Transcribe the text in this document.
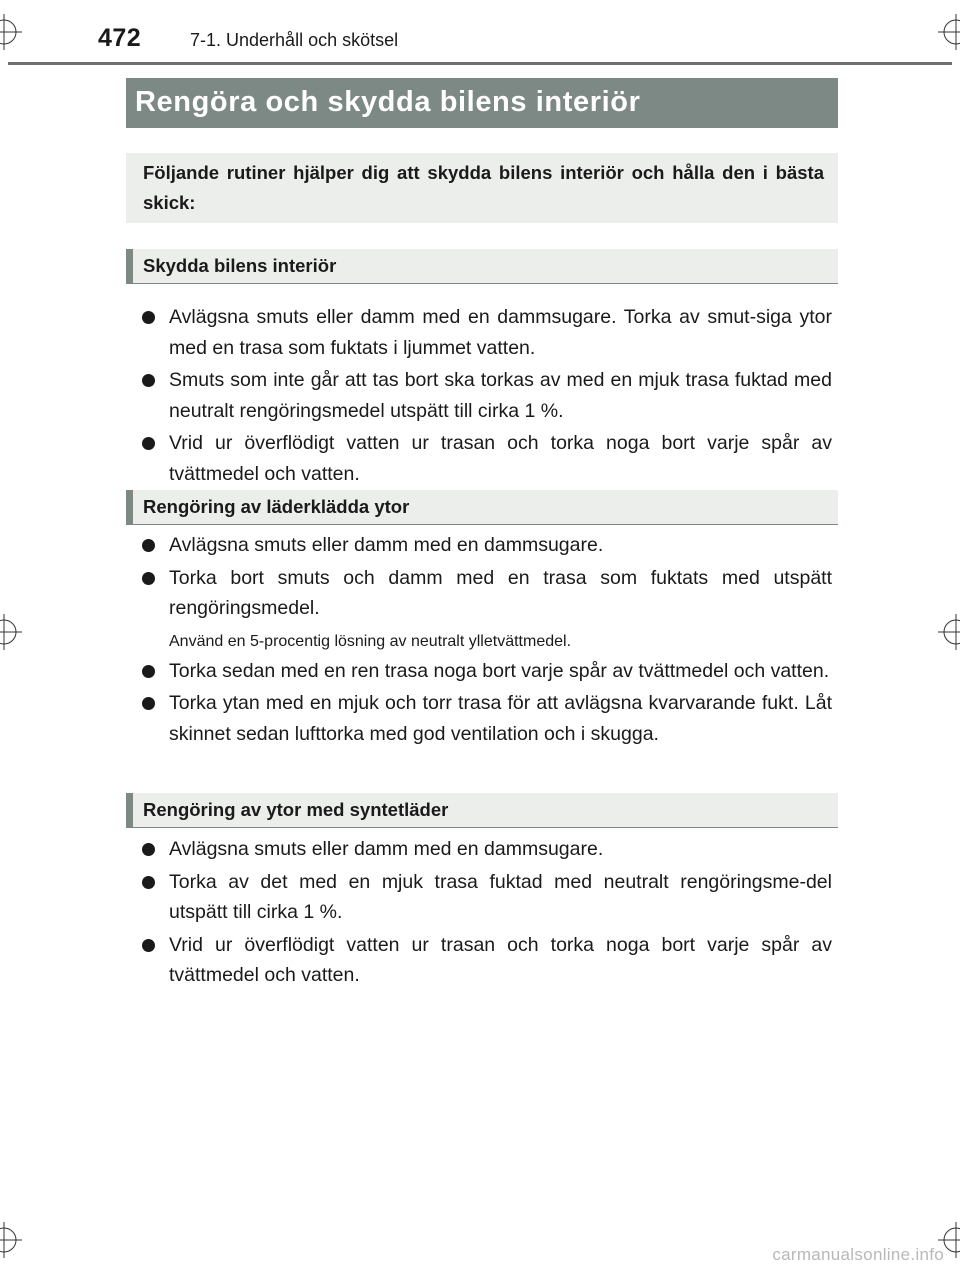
472	7-1. Underhåll och skötsel
Rengöra och skydda bilens interiör
Följande rutiner hjälper dig att skydda bilens interiör och hålla den i bästa skick:
Skydda bilens interiör
Avlägsna smuts eller damm med en dammsugare. Torka av smut-siga ytor med en trasa som fuktats i ljummet vatten.
Smuts som inte går att tas bort ska torkas av med en mjuk trasa fuktad med neutralt rengöringsmedel utspätt till cirka 1 %.
Vrid ur överflödigt vatten ur trasan och torka noga bort varje spår av tvättmedel och vatten.
Rengöring av läderklädda ytor
Avlägsna smuts eller damm med en dammsugare.
Torka bort smuts och damm med en trasa som fuktats med utspätt rengöringsmedel.
Använd en 5-procentig lösning av neutralt ylletvättmedel.
Torka sedan med en ren trasa noga bort varje spår av tvättmedel och vatten.
Torka ytan med en mjuk och torr trasa för att avlägsna kvarvarande fukt. Låt skinnet sedan lufttorka med god ventilation och i skugga.
Rengöring av ytor med syntetläder
Avlägsna smuts eller damm med en dammsugare.
Torka av det med en mjuk trasa fuktad med neutralt rengöringsme-del utspätt till cirka 1 %.
Vrid ur överflödigt vatten ur trasan och torka noga bort varje spår av tvättmedel och vatten.
carmanualsonline.info
